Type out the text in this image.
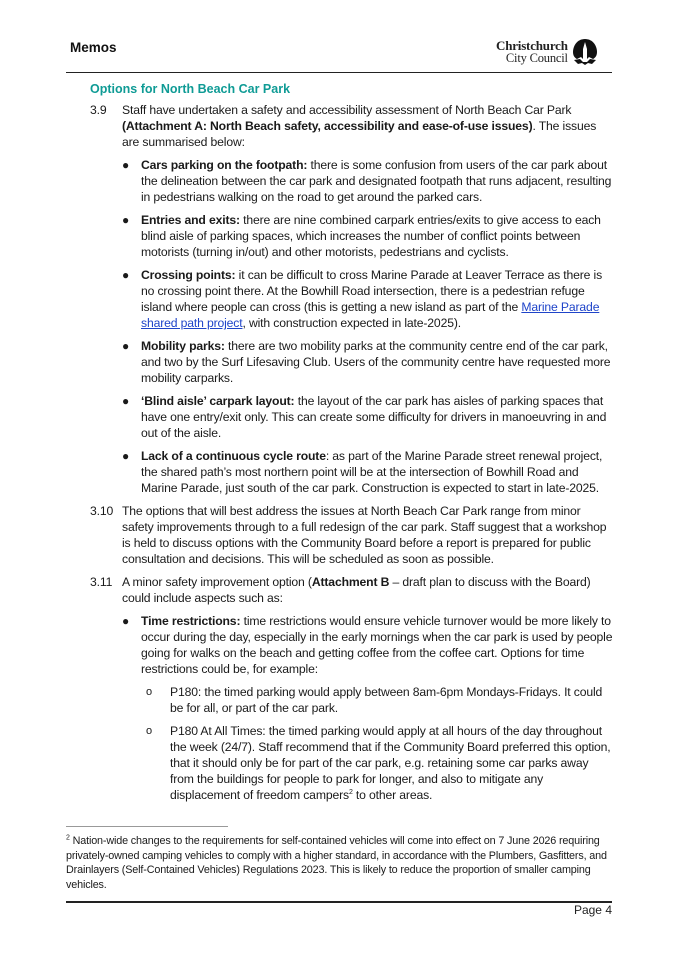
Memos	Christchurch
City Council
Options for North Beach Car Park
3.9 Staff have undertaken a safety and accessibility assessment of North Beach Car Park (Attachment A: North Beach safety, accessibility and ease-of-use issues). The issues are summarised below:
● Cars parking on the footpath: there is some confusion from users of the car park about the delineation between the car park and designated footpath that runs adjacent, resulting in pedestrians walking on the road to get around the parked cars.
● Entries and exits: there are nine combined carpark entries/exits to give access to each blind aisle of parking spaces, which increases the number of conflict points between motorists (turning in/out) and other motorists, pedestrians and cyclists.
● Crossing points: it can be difficult to cross Marine Parade at Leaver Terrace as there is no crossing point there. At the Bowhill Road intersection, there is a pedestrian refuge island where people can cross (this is getting a new island as part of the Marine Parade shared path project, with construction expected in late-2025).
● Mobility parks: there are two mobility parks at the community centre end of the car park, and two by the Surf Lifesaving Club. Users of the community centre have requested more mobility carparks.
● ‘Blind aisle’ carpark layout: the layout of the car park has aisles of parking spaces that have one entry/exit only. This can create some difficulty for drivers in manoeuvring in and out of the aisle.
● Lack of a continuous cycle route: as part of the Marine Parade street renewal project, the shared path’s most northern point will be at the intersection of Bowhill Road and Marine Parade, just south of the car park. Construction is expected to start in late-2025.
3.10 The options that will best address the issues at North Beach Car Park range from minor safety improvements through to a full redesign of the car park. Staff suggest that a workshop is held to discuss options with the Community Board before a report is prepared for public consultation and decisions. This will be scheduled as soon as possible.
3.11 A minor safety improvement option (Attachment B – draft plan to discuss with the Board) could include aspects such as:
● Time restrictions: time restrictions would ensure vehicle turnover would be more likely to occur during the day, especially in the early mornings when the car park is used by people going for walks on the beach and getting coffee from the coffee cart. Options for time restrictions could be, for example:
o P180: the timed parking would apply between 8am-6pm Mondays-Fridays. It could be for all, or part of the car park.
o P180 At All Times: the timed parking would apply at all hours of the day throughout the week (24/7). Staff recommend that if the Community Board preferred this option, that it should only be for part of the car park, e.g. retaining some car parks away from the buildings for people to park for longer, and also to mitigate any displacement of freedom campers$^2$ to other areas.
$^2$ Nation-wide changes to the requirements for self-contained vehicles will come into effect on 7 June 2026 requiring privately-owned camping vehicles to comply with a higher standard, in accordance with the Plumbers, Gasfitters, and Drainlayers (Self-Contained Vehicles) Regulations 2023. This is likely to reduce the proportion of smaller camping vehicles.
Page 4
